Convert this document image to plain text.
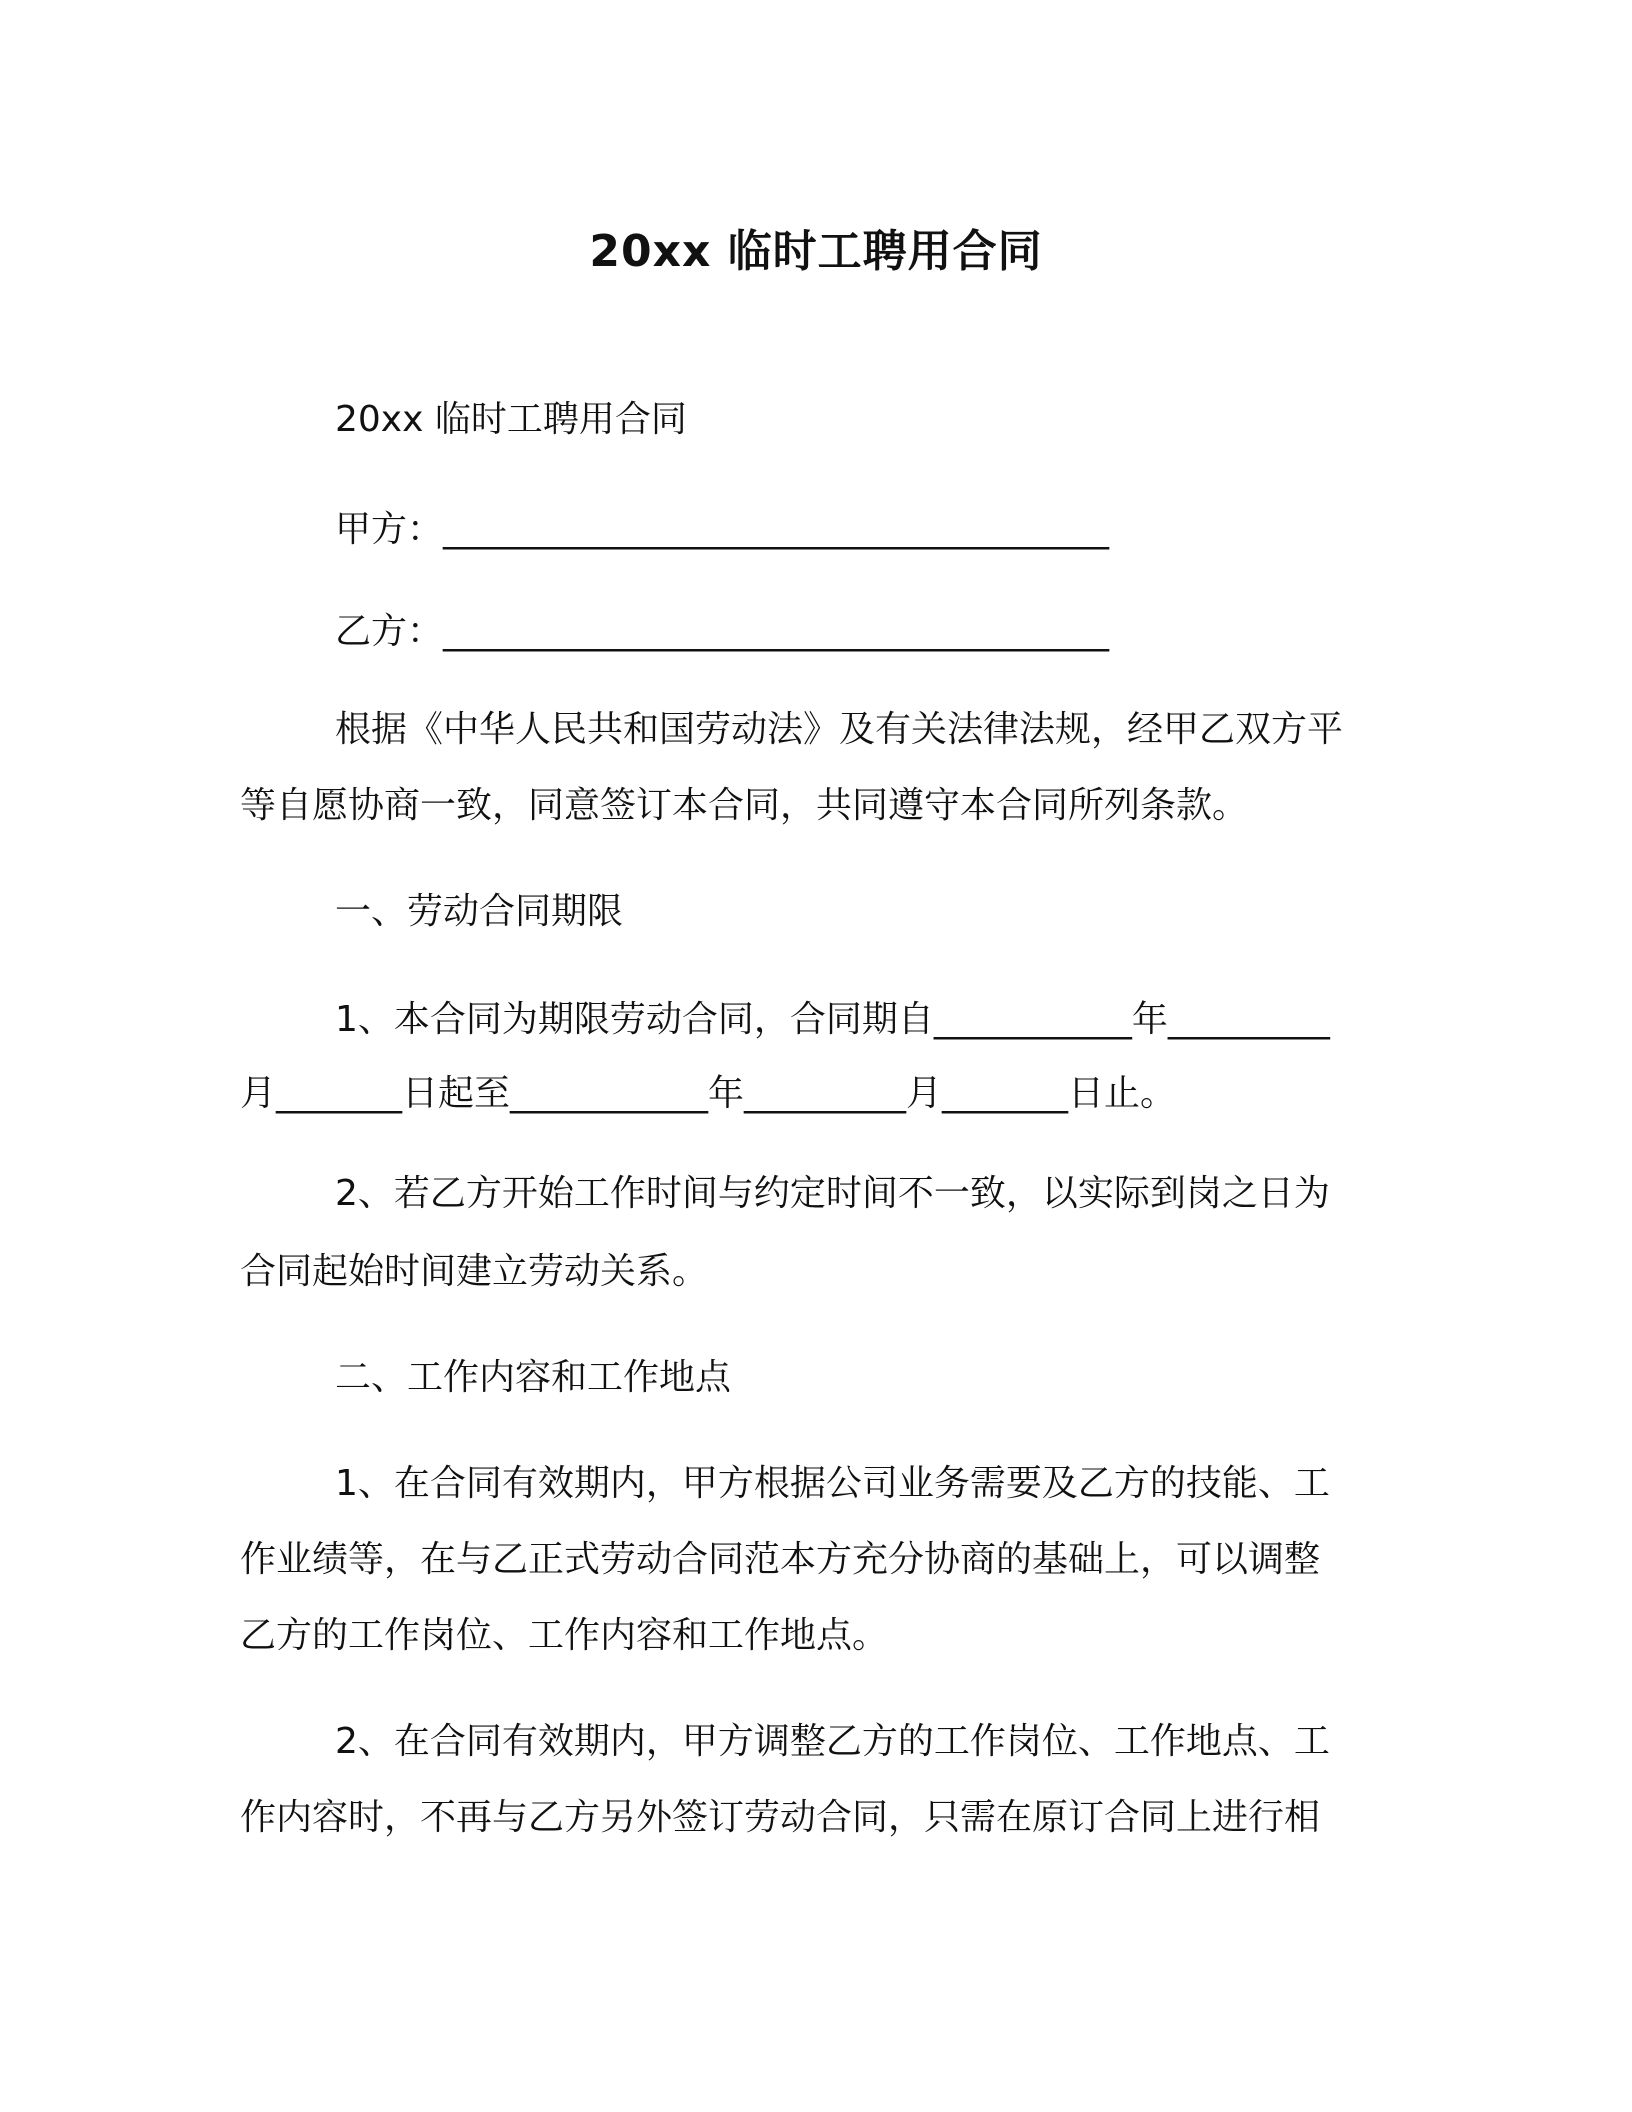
20xx 临时工聘用合同
20xx 临时工聘用合同
甲方：_____________________________________
乙方：_____________________________________
根据《中华人民共和国劳动法》及有关法律法规，经甲乙双方平
等自愿协商一致，同意签订本合同，共同遵守本合同所列条款。
一、劳动合同期限
1、本合同为期限劳动合同，合同期自___________年_________
月_______日起至___________年_________月_______日止。
2、若乙方开始工作时间与约定时间不一致，以实际到岗之日为
合同起始时间建立劳动关系。
二、工作内容和工作地点
1、在合同有效期内，甲方根据公司业务需要及乙方的技能、工
作业绩等，在与乙正式劳动合同范本方充分协商的基础上，可以调整
乙方的工作岗位、工作内容和工作地点。
2、在合同有效期内，甲方调整乙方的工作岗位、工作地点、工
作内容时，不再与乙方另外签订劳动合同，只需在原订合同上进行相
